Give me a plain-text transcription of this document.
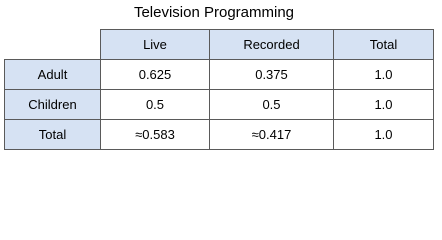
Television Programming
	Live	Recorded	Total
Adult	0.625	0.375	1.0
Children	0.5	0.5	1.0
Total	≈0.583	≈0.417	1.0
